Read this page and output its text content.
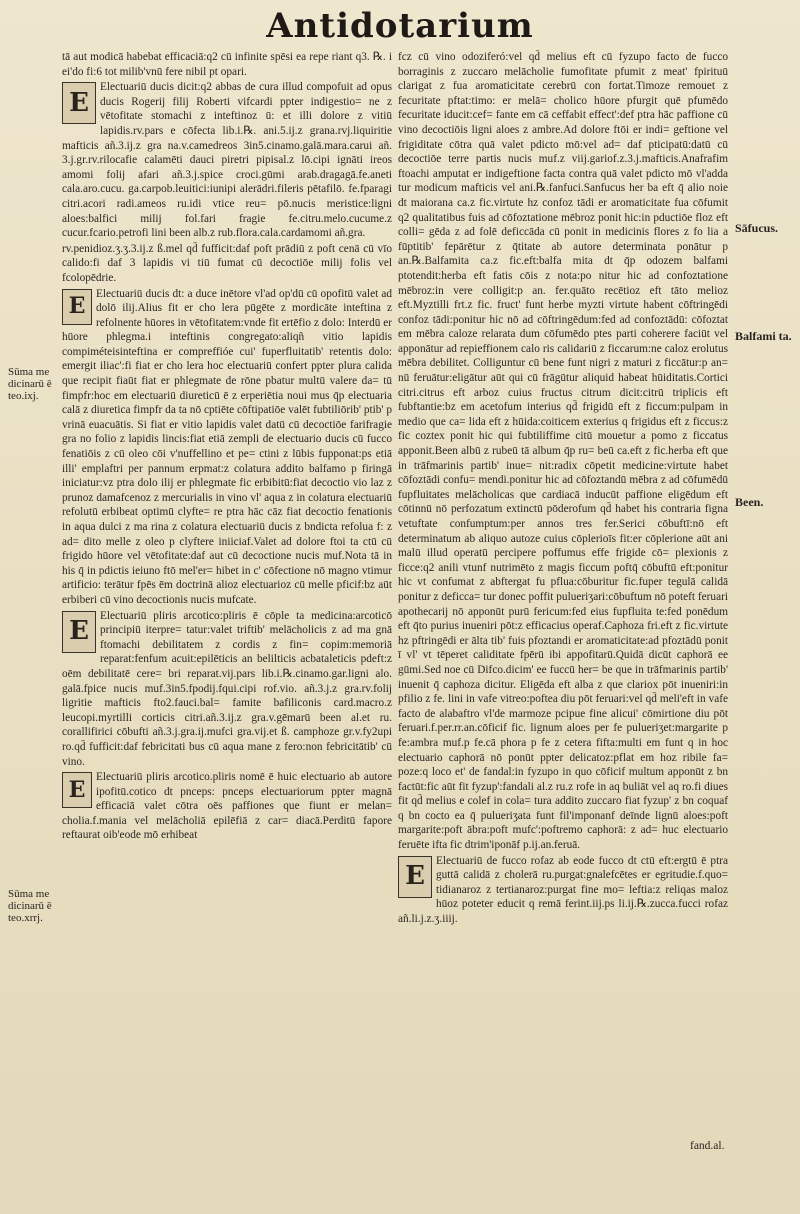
Antidotarium

tā aut modicā habebat efficaciā:q2 cū infinite spēsi ea repe riant q3. ℞. i ei'do fi:6 tot milib'vnū fere nibil pt opari.

E
Electuariū ducis dicit:q2 abbas de cura illud compofuit ad opus ducis Rogerij filij Roberti vifcardi ppter indigestio= ne z vētofitate stomachi z inteftinoz ū: et illi dolore z vitiū lapidis.rv.pars e cōfecta lib.i.℞. ani.5.ij.z grana.rvj.liquiritie mafticis añ.3.ij.z gra na.v.camedreos 3in5.cinamo.galā.mara.carui añ. 3.j.gr.rv.rilocafie calamēti dauci piretri pipisal.z lō.cipi ignāti ireos amomi folij afari añ.3.j.spice croci.gūmi arab.dragagā.fe.aneti cala.aro.cucu. ga.carpob.leuitici:iunipi alerādri.fileris pētafilō. fe.fparagi citri.acori radi.ameos ru.idi vtice reu= pō.nucis meristice:ligni aloes:balfici milij fol.fari fragie fe.citru.melo.cucume.z cucur.fcario.petrofi lini been alb.z rub.flora.cala.cardamomi añ.gra.

rv.penidioz.ʒ.ʒ.3.ij.z ß.mel qd̄ fufficit:daf poft prādiū z poft cenā cū vīo calido:fi daf 3 lapidis vi tiū fumat cū decoctiōe milij folis vel fcolopēdrie.

E Electuariū ducis dt: a duce inētore vl'ad op'dū cū opofitū valet ad dolō ilij.Alius fit er cho lera pūgēte z mordicāte inteftina z refolnente hūores in vētofitatem:vnde fit ertēfio z dolo: Interdū er hūore phlegma.i inteftinis congregato:aliqñ vitio lapidis compiméteisinteftina er compreffióe cui' fuperfluitatib' retentis dolo: emergit iliac':fi fiat er cho lera hoc electuariū confert ppter plura calida que recipit fiaūt fiat er phlegmate de rōne pbatur multū valere da= tū fimpfr:hoc em electuariū diureticū ē z erperiētia noui mus q̄p electuaria calā z diuretica fimpfr da ta nō cptiēte cōftipatiōe valēt fubtiliōrib' ptib' p vrinā euacuātis. Si fiat er vitio lapidis valet datū cū decoctiōe farifragie gra no folio z lapidis lincis:fiat etiā zempli de electuario ducis cū fucco fenatiōis z cū oleo cōi v'nuffellino et pe= ctini z lūbis fupponat:ps etiā illi' emplaftri per pannum erpmat:z colatura addito balfamo p firingā iniciatur:vz ptra dolo ilij er phlegmate fic erbibitū:fiat decoctio vio laz z prunoz damafcenoz z mercurialis in vino vl' aqua z in colatura electuariū refolutū erbibeat optimū clyfte= re ptra hāc cāz fiat decoctio fenationis in aqua dulci z ma rina z colatura electuariū ducis z bndicta refolua f: z ad= dito melle z oleo p clyftere iniiciaf.Valet ad dolore ftoi ta ctū cū frigido hūore vel vētofitate:daf aut cū decoctione nucis muf.Nota tā in his q̄ in pdictis ieiuno ftō mel'er= hibet in c' cōfectione nō magno vtimur artificio: terātur fpēs ēm doctrinā alioz electuarioz cū melle pficif:bz aūt erbiberi cū vino decoctionis nucis mufcate.

E
Electuariū pliris arcotico:pliris ē cōple ta medicina:arcoticō principiū iterpre= tatur:valet triftib' melācholicis z ad ma gnā ftomachi debilitatem z cordis z fin= copim:memoriā reparat:fenfum acuit:epilēticis an belilticis acbataleticis pdeft:z oēm debilitatē cere= bri reparat.vij.pars lib.i.℞.cinamo.gar.ligni alo. galā.fpice nucis muf.3in5.fpodij.fqui.cipi rof.vio. añ.3.j.z gra.rv.folij ligritie mafticis fto2.fauci.bal= famite bafiliconis card.macro.z leucopi.myrtilli corticis citri.añ.3.ij.z gra.v.gēmarū been al.et ru. corallifirici cōbufti añ.3.j.gra.ij.mufci gra.vij.et ß. camphoze gr.v.fy2upi ro.qd̄ fufficit:daf febricitati bus cū aqua mane z fero:non febricitātib' cū vino.

E Electuariū pliris arcotico.pliris nomē ē huic electuario ab autore ipofitū.cotico dt pnceps: pnceps electuariorum ppter magnā efficaciā valet cōtra oēs paffiones que fiunt er melan= cholia.f.mania vel melācholiā epilēfiā z car= diacā.Perditū fapore reftaurat oib'eode mō erhibeat

fcz cū vino odoziferó:vel qd̄ melius eft cū fyzupo facto de fucco borraginis z zuccaro melācholie fumofitate pfumit z meat' fpirituū clarigat z fua aromaticitate cerebrū con fortat.Timoze remouet z fecuritate pftat:timo: er melā= cholico hūore pfurgit quē pfumēdo fecuritate iducit:cef= fante em cā ceffabit effect':def ptra hāc paffione cū vino decoctiōis ligni aloes z ambre.Ad dolore ftōi er indi= geftione vel frigiditate cōtra quā valet pdicto mō:vel ad= daf pticipatū:datū cū decoctiōe terre partis nucis muf.z viij.gariof.z.3.j.mafticis.Anafrafim ftoachi amputat er indigeftione facta contra quā valet pdicto mō vl'adda tur modicum mafticis vel ani.℞.fanfuci.Sanfucus her ba eft q̄ alio noie dt maiorana ca.z fic.virtute hz confoz tādi er aromaticitate fua cōfumit q2 qualitatibus fuis ad cōfoztatione mēbroz ponit hic:in pductiōe floz eft colli= gēda z ad folē deficcāda cū ponit in medicinis flores z fo lia a fūptitib' fepārētur z q̄titate ab autore determinata ponātur p an.℞.Balfamita ca.z fic.eft:balfa mita dt q̄p odozem balfami ptotendit:herba eft fatis cōis z nota:po nitur hic ad confoztatione mēbroz:in vere colligit:p an. fer.quāto recētioz eft tāto melioz eft.Myztilli frt.z fic. fruct' funt herbe myzti virtute habent cōftringēdi confoz tādi:ponitur hic nō ad cōftringēdum:fed ad confoztādū: cōfoztat em mēbra caloze relarata dum cōfumēdo ptes parti coherere faciūt vel apponātur ad repieffionem calo ris calidariū z ficcarum:ne caloz erolutus mēbra debilitet. Colliguntur cū bene funt nigri z maturi z ficcātur:p an= nū feruātur:eligātur aūt qui cū frāgūtur aliquid habeat hūiditatis.Cortici citri.citrus eft arboz cuius fructus citrum dicit:citrū triplicis eft fubftantie:bz em acetofum interius qd̄ frigidū eft z ficcum:pulpam in medio que ca= lida eft z hūida:coiticem exterius q frigidus eft z ficcus:z fic coztex ponit hic qui fubtiliffime citū mouetur a pomo z ficcatus apponit.Been albū z rubeū tā album q̄p ru= beū ca.eft z fic.herba eft que in trāfmarinis partib' inue= nit:radix cōpetit medicine:virtute habet cōfoztādi confu= mendi.ponitur hic ad cōfoztandū mēbra z ad cōfumēdū fupfluitates melācholicas que cardiacā inducūt paffione eligēdum eft cōtinnū nō perfozatum extinctū pōderofum qd̄ habet his contraria figna vetuftate confumptum:per annos tres fer.Serici cōbuftī:nō eft determinatum ab aliquo autoze cuius cōplerioīs fit:er cōplerione aūt ani malū illud operatū percipere poffumus effe frigide cō= plexionis z ficce:q2 anili vtunf nutrimēto z magis ficcum poftq̄ cōbuftū eft:ponitur hic vt confumat z abftergat fu pflua:cōburitur fic.fuper tegulā calidā ponitur z deficca= tur donec poffit pulueriʒari:cōbuftum nō poteft feruari apothecarij nō apponūt purū fericum:fed eius fupfluita te:fed ponēdum eft q̄to purius inueniri pōt:z efficacius operaf.Caphoza fri.eft z fic.virtute hz pftringēdi er ālta tib' fuis pfoztandi er aromaticitate:ad pfoztādū ponit ī vl' vt tēperet caliditate fpērū ibi appofitarū.Quidā dicūt caphorā ee gūmi.Sed noe cū Difco.dicim' ee fuccū her= be que in trāfmarinis partib' inuenit q̄ caphoza dicitur. Eligēda eft alba z que clariox pōt inueniri:in pfilio z fe. lini in vafe vitreo:poftea diu pōt feruari:vel qd̄ meli'eft in vafe facto de alabaftro vl'de marmoze pcipue fine alicui' cōmirtione diu pōt feruari.f.per.rr.an.cōficif fic. lignum aloes per fe pulueriʒet:margarite p fe:ambra muf.p fe.cā phora p fe z cetera fifta:multi em funt q in hoc electuario caphorā nō ponūt ppter delicatoz:pflat em hoz ribile fa= poze:q loco et' de fandal:in fyzupo in quo cōficif multum apponūt z bn factūt:fic aūt fit fyzup':fandali al.z ru.z rofe in aq buliāt vel aq ro.fi diues fit qd̄ melius e colef in cola= tura addito zuccaro fiat fyzup' z bn coquaf q bn cocto ea q̄ pulueriʒata funt fil'imponanf deīnde lignū aloes:poft margarite:poft ābra:poft mufc':poftremo caphorā: z ad= huc electuario feruēte ifta fic dtrim'iponāf p.ij.an.feruā.

E
Electuariū de fucco rofaz ab eode fucco dt ctū eft:ergtū ē ptra guttā calidā z cholerā ru.purgat:gnalefcētes er egritudie.f.quo= tidianaroz z tertianaroz:purgat fine mo= leftia:z reliqas maloz hūoz poteter educit q remā ferint.iij.ps li.ij.℞.zucca.fucci rofaz añ.li.j.z.ʒ.iiij.

Sūma me dicinarū ē teo.ixj.
Sūma me dicinarū ē teo.xrrj.
Sāfucus.
Balfami ta.
Been.
fand.al.
